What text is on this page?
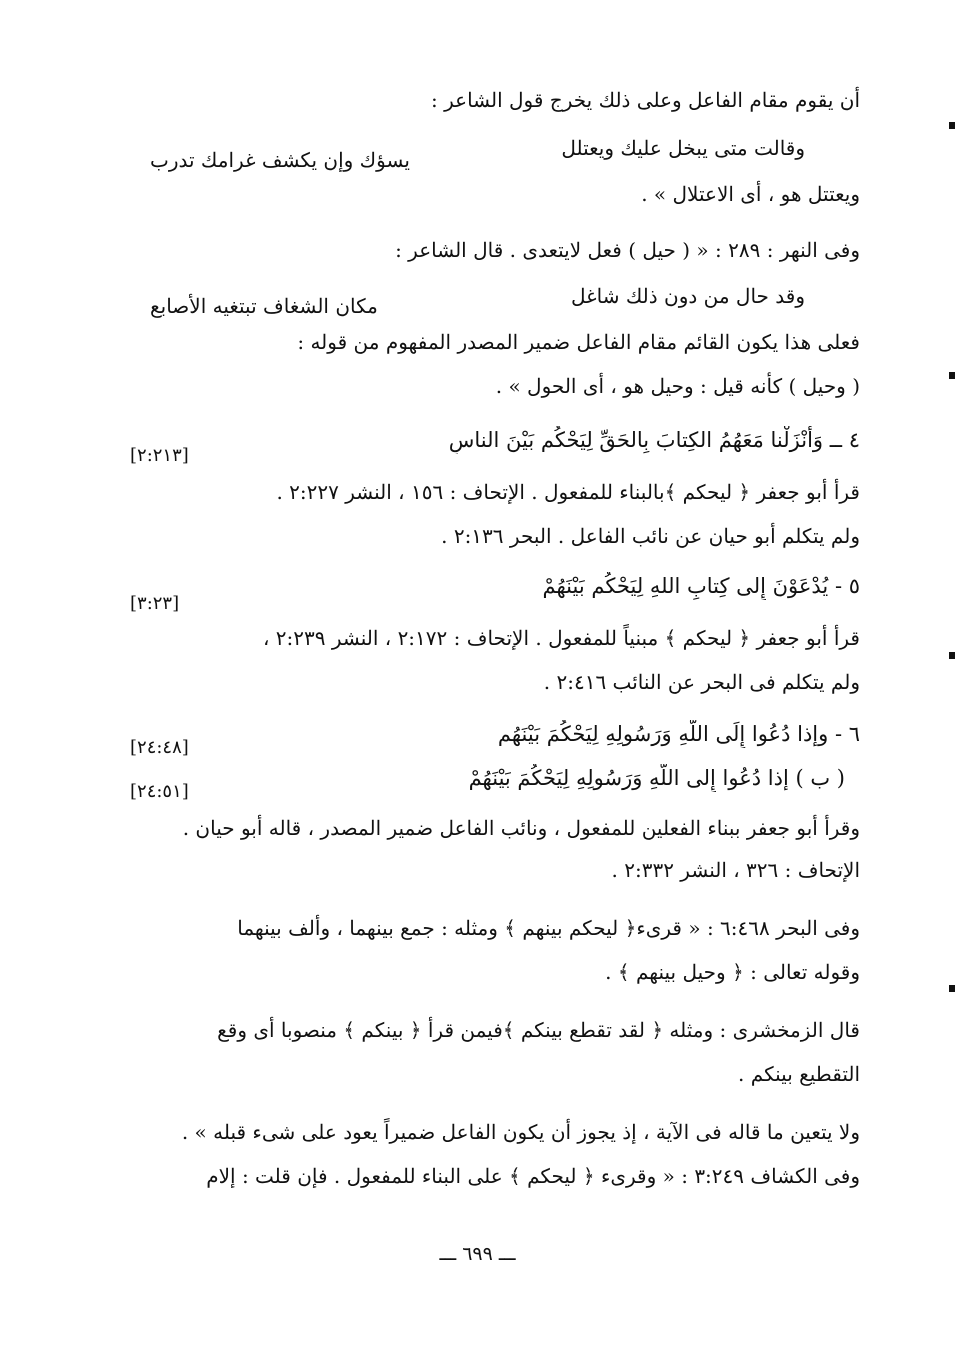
أن يقوم مقام الفاعل وعلى ذلك يخرج قول الشاعر :
وقالت متى يبخل عليك ويعتلل
يسؤك وإن يكشف غرامك تدرب
ويعتتل هو ، أى الاعتلال » .
وفى النهر : ٢٨٩ : « ( حيل ) فعل لايتعدى . قال الشاعر :
وقد حال من دون ذلك شاغل
مكان الشغاف تبتغيه الأصابع
فعلى هذا يكون القائم مقام الفاعل ضمير المصدر المفهوم من قوله :
( وحيل ) كأنه قيل : وحيل هو ، أى الحول » .
٤ ــ وَأَنْزَلْنا مَعَهُمُ الكِتابَ بِالحَقِّ لِيَحْكُم بَيْنَ الناسِ
[٢:٢١٣]
قرأ أبو جعفر ﴿ ليحكم ﴾بالبناء للمفعول . الإتحاف : ١٥٦ ، النشر ٢:٢٢٧ .
ولم يتكلم أبو حيان عن نائب الفاعل . البحر ٢:١٣٦ .
٥ - يُدْعَوْنَ إِلى كِتابِ اللهِ لِيَحْكُم بَيْنَهُمْ
[٣:٢٣]
قرأ أبو جعفر ﴿ ليحكم ﴾ مبنياً للمفعول . الإتحاف : ٢:١٧٢ ، النشر ٢:٢٣٩ ،
ولم يتكلم فى البحر عن النائب ٢:٤١٦ .
٦ - وإذا دُعُوا إِلَى اللَّهِ وَرَسُولِهِ لِيَحْكُمَ بَيْنَهُم
[٢٤:٤٨]
( ب ) إذا دُعُوا إِلى اللَّهِ وَرَسُولِهِ لِيَحْكُمَ بَيْنَهُمْ
[٢٤:٥١]
وقرأ أبو جعفر ببناء الفعلين للمفعول ، ونائب الفاعل ضمير المصدر ، قاله أبو حيان .
الإتحاف : ٣٢٦ ، النشر ٢:٣٣٢ .
وفى البحر ٦:٤٦٨ : « قرىء﴿ ليحكم بينهم ﴾ ومثله : جمع بينهما ، وألف بينهما
وقوله تعالى : ﴿ وحيل بينهم ﴾ .
قال الزمخشرى : ومثله ﴿ لقد تقطع بينكم ﴾فيمن قرأ ﴿ بينكم ﴾ منصوبا أى وقع
التقطيع بينكم .
ولا يتعين ما قاله فى الآية ، إذ يجوز أن يكون الفاعل ضميراً يعود على شىء قبله » .
وفى الكشاف ٣:٢٤٩ : « وقرىء ﴿ ليحكم ﴾ على البناء للمفعول . فإن قلت : إلام
ـــ ٦٩٩ ـــ
